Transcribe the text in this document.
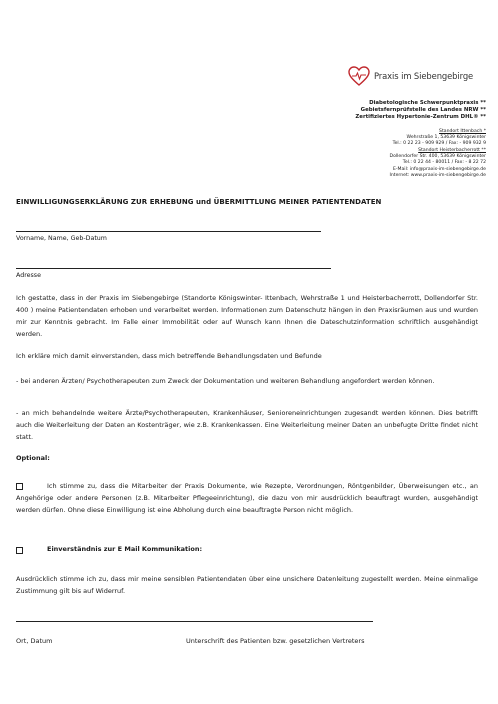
Praxis im Siebengebirge
Diabetologische Schwerpunktpraxis **
Gebietsfernprüfstelle des Landes NRW **
Zertifiziertes Hypertonie-Zentrum DHL® **
Standort Ittenbach *
Wehrstraße 1, 53639 Königswinter
Tel.: 0 22 23 - 909 929 / Fax: - 909 932 9
Standort Heisterbacherrott **
Dollendorfer Str. 400, 53639 Königswinter
Tel.: 0 22 44 - 80011 / Fax: - 8 22 72
E-Mail: info@praxis-im-siebengebirge.de
Internet: www.praxis-im-siebengebirge.de
EINWILLIGUNGSERKLÄRUNG ZUR ERHEBUNG und ÜBERMITTLUNG MEINER PATIENTENDATEN
Vorname, Name, Geb-Datum
Adresse
Ich gestatte, dass in der Praxis im Siebengebirge (Standorte Königswinter- Ittenbach, Wehrstraße 1 und Heisterbacherrott, Dollendorfer Str. 400 ) meine Patientendaten erhoben und verarbeitet werden. Informationen zum Datenschutz hängen in den Praxisräumen aus und wurden mir zur Kenntnis gebracht. Im Falle einer Immobilität oder auf Wunsch kann Ihnen die Dateschutzinformation schriftlich ausgehändigt werden.
Ich erkläre mich damit einverstanden, dass mich betreffende Behandlungsdaten und Befunde
- bei anderen Ärzten/ Psychotherapeuten zum Zweck der Dokumentation und weiteren Behandlung angefordert werden können.
- an mich behandelnde weitere Ärzte/Psychotherapeuten, Krankenhäuser, Senioreneinrichtungen zugesandt werden können. Dies betrifft auch die Weiterleitung der Daten an Kostenträger, wie z.B. Krankenkassen. Eine Weiterleitung meiner Daten an unbefugte Dritte findet nicht statt.
Optional:
Ich stimme zu, dass die Mitarbeiter der Praxis Dokumente, wie Rezepte, Verordnungen, Röntgenbilder, Überweisungen etc., an Angehörige oder andere Personen (z.B. Mitarbeiter Pflegeeinrichtung), die dazu von mir ausdrücklich beauftragt wurden, ausgehändigt werden dürfen. Ohne diese Einwilligung ist eine Abholung durch eine beauftragte Person nicht möglich.
Einverständnis zur E Mail Kommunikation:
Ausdrücklich stimme ich zu, dass mir meine sensiblen Patientendaten über eine unsichere Datenleitung zugestellt werden. Meine einmalige Zustimmung gilt bis auf Widerruf.
Ort, Datum	Unterschrift des Patienten bzw. gesetzlichen Vertreters
